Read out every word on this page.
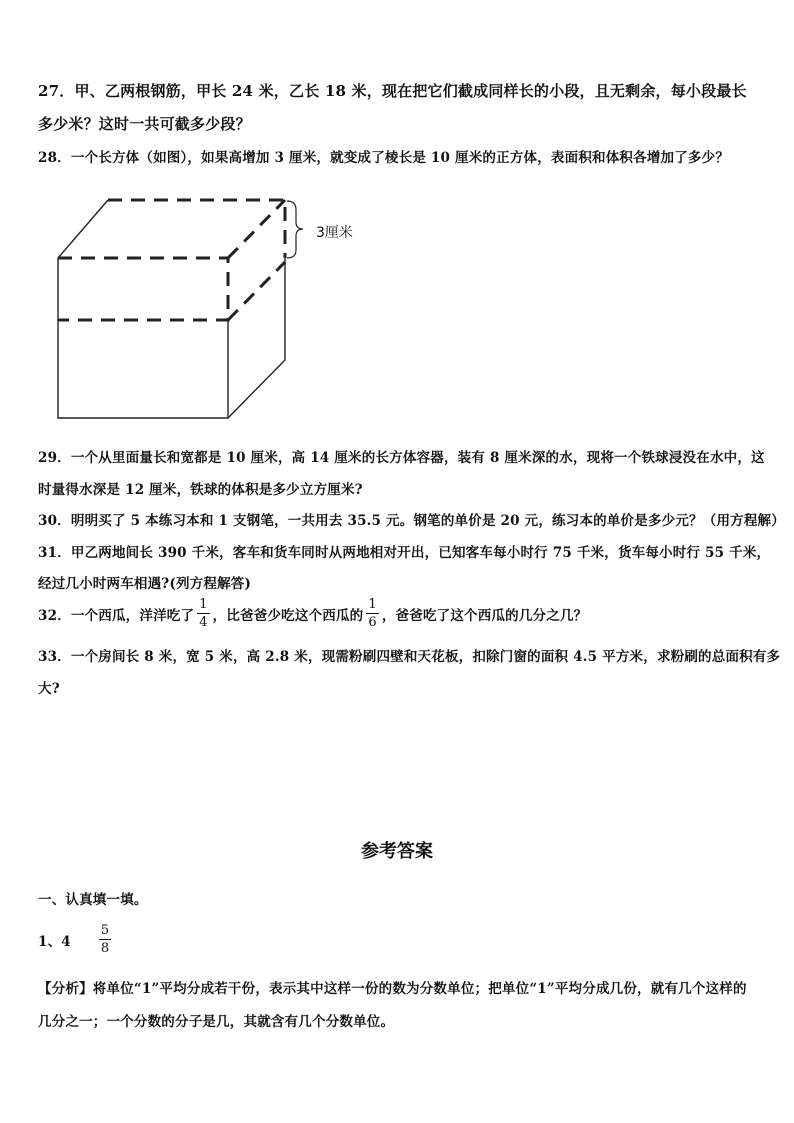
27．甲、乙两根钢筋，甲长 24 米，乙长 18 米，现在把它们截成同样长的小段，且无剩余，每小段最长
多少米？这时一共可截多少段？
28．一个长方体（如图），如果高增加 3 厘米，就变成了棱长是 10 厘米的正方体，表面积和体积各增加了多少？
3厘米
29．一个从里面量长和宽都是 10 厘米，高 14 厘米的长方体容器，装有 8 厘米深的水，现将一个铁球浸没在水中，这
时量得水深是 12 厘米，铁球的体积是多少立方厘米?
30．明明买了 5 本练习本和 1 支钢笔，一共用去 35.5 元。钢笔的单价是 20 元，练习本的单价是多少元？（用方程解）
31．甲乙两地间长 390 千米，客车和货车同时从两地相对开出，已知客车每小时行 75 千米，货车每小时行 55 千米，
经过几小时两车相遇?(列方程解答)
32．一个西瓜，洋洋吃了 $\frac{1}{4}$ ，比爸爸少吃这个西瓜的 $\frac{1}{6}$ ，爸爸吃了这个西瓜的几分之几？
33．一个房间长 8 米，宽 5 米，高 2.8 米，现需粉刷四壁和天花板，扣除门窗的面积 4.5 平方米，求粉刷的总面积有多
大?
参考答案
一、认真填一填。
1、$4 \frac{5}{8}$
【分析】将单位“1”平均分成若干份，表示其中这样一份的数为分数单位；把单位“1”平均分成几份，就有几个这样的
几分之一；一个分数的分子是几，其就含有几个分数单位。
